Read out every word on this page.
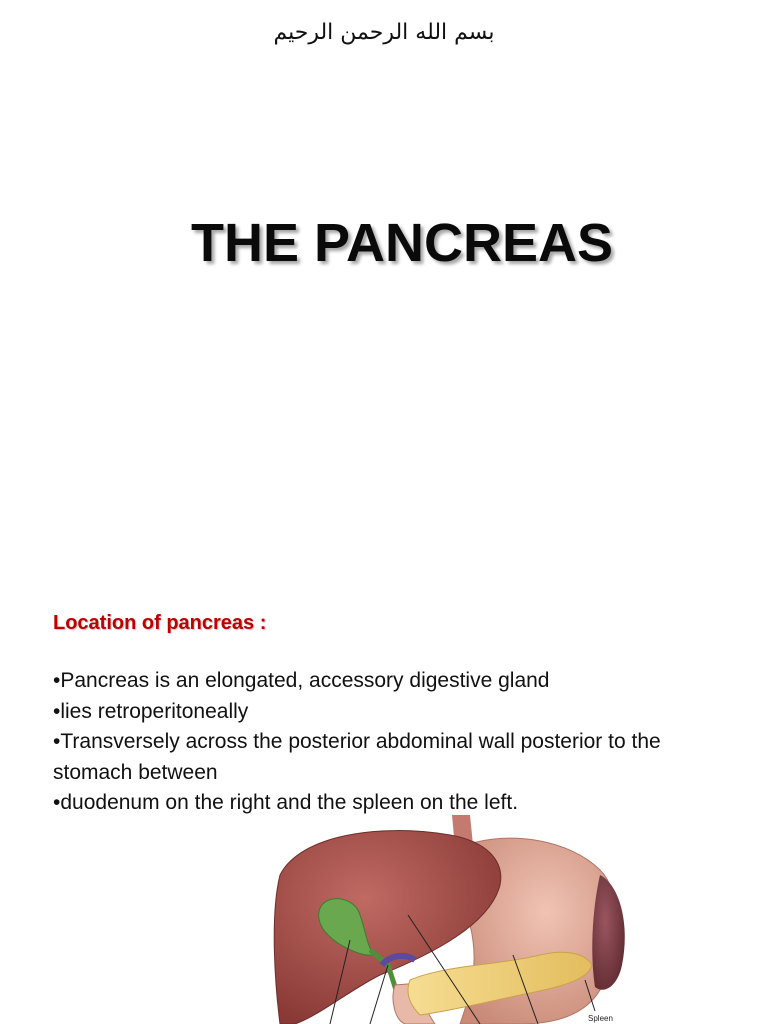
بسم الله الرحمن الرحيم
THE PANCREAS
Location of pancreas :
•Pancreas is an elongated, accessory digestive gland
•lies retroperitoneally
•Transversely across the posterior abdominal wall posterior to the stomach between
•duodenum on the right and the spleen on the left.
Spleen
